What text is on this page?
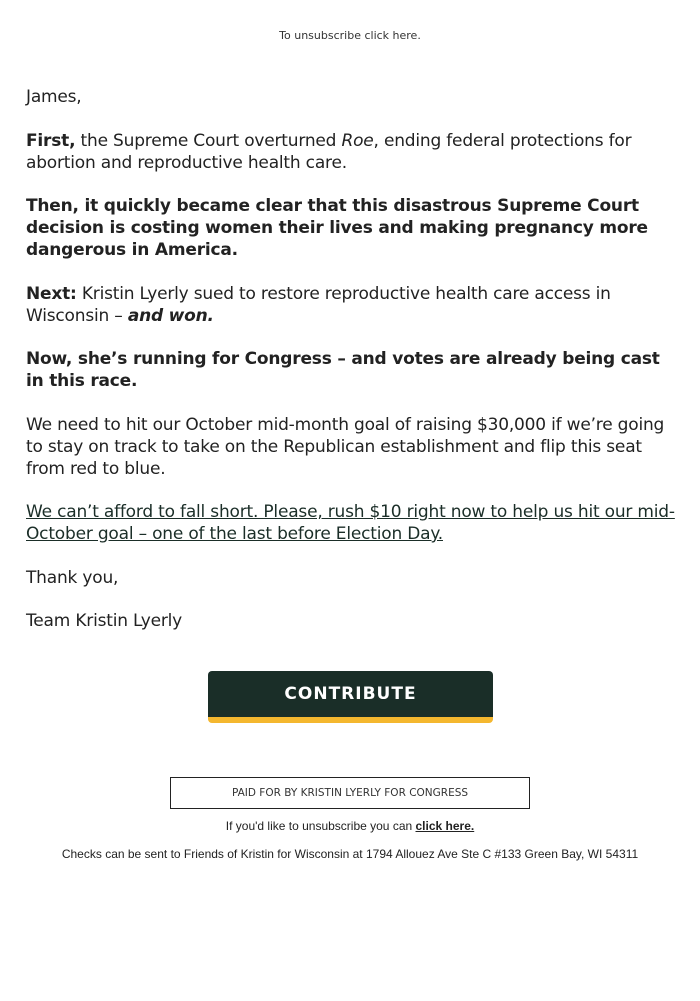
To unsubscribe click here.

James,

First, the Supreme Court overturned Roe, ending federal protections for abortion and reproductive health care.

Then, it quickly became clear that this disastrous Supreme Court decision is costing women their lives and making pregnancy more dangerous in America.

Next: Kristin Lyerly sued to restore reproductive health care access in Wisconsin – and won.

Now, she’s running for Congress – and votes are already being cast in this race.

We need to hit our October mid-month goal of raising $30,000 if we’re going to stay on track to take on the Republican establishment and flip this seat from red to blue.

We can’t afford to fall short. Please, rush $10 right now to help us hit our mid-October goal – one of the last before Election Day.

Thank you,

Team Kristin Lyerly

CONTRIBUTE
PAID FOR BY KRISTIN LYERLY FOR CONGRESS
If you'd like to unsubscribe you can click here.
Checks can be sent to Friends of Kristin for Wisconsin at 1794 Allouez Ave Ste C #133 Green Bay, WI 54311
